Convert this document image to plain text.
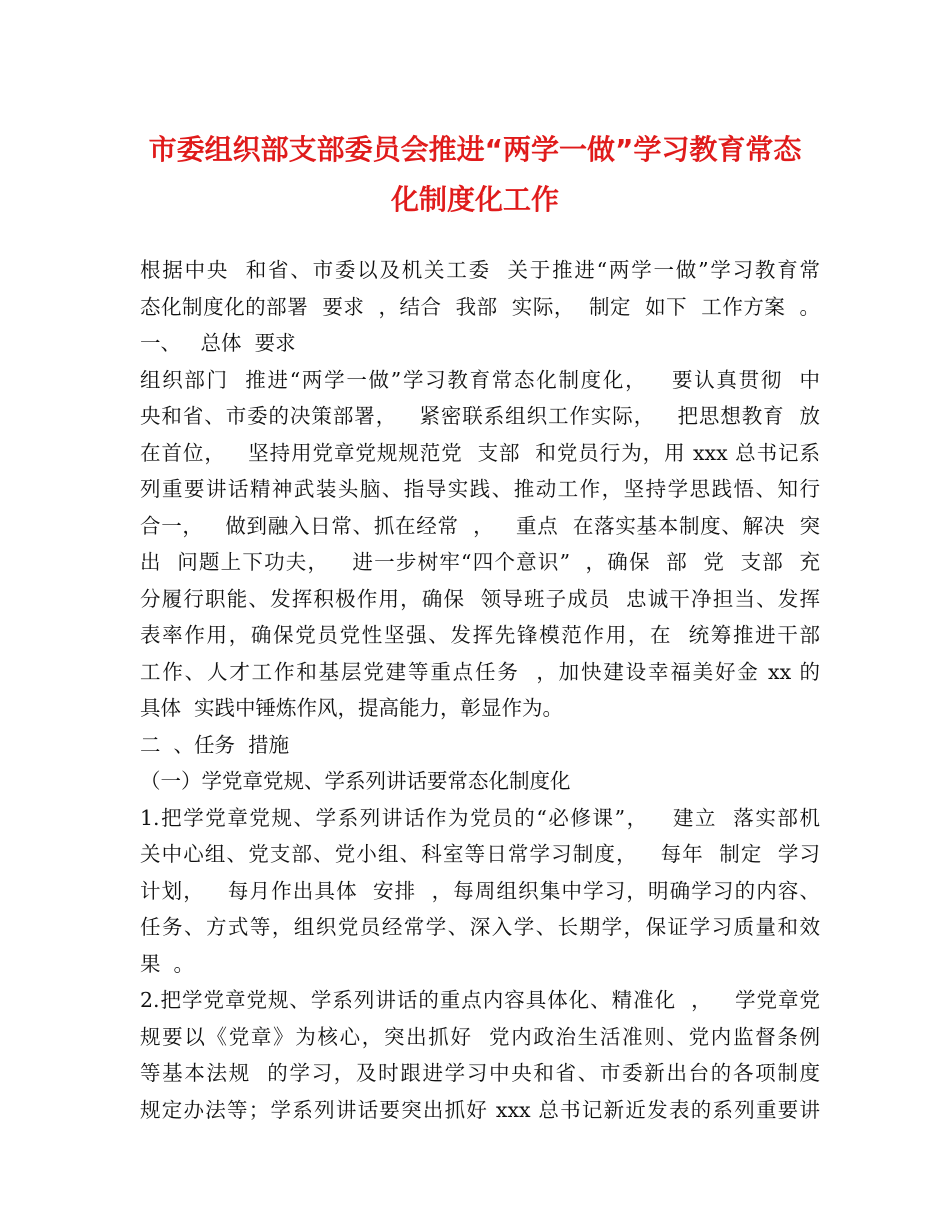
市委组织部支部委员会推进“两学一做”学习教育常态
化制度化工作
根据中央  和省、市委以及机关工委  关于推进“两学一做”学习教育常
态化制度化的部署  要求  ，结合  我部  实际，  制定  如下  工作方案  。
一、   总体  要求
组织部门  推进“两学一做”学习教育常态化制度化，   要认真贯彻  中
央和省、市委的决策部署，   紧密联系组织工作实际，   把思想教育  放
在首位，   坚持用党章党规规范党  支部  和党员行为，用 xxx 总书记系
列重要讲话精神武装头脑、指导实践、推动工作，坚持学思践悟、知行
合一，   做到融入日常、抓在经常  ，   重点  在落实基本制度、解决  突
出  问题上下功夫，   进一步树牢“四个意识”  ，确保  部  党  支部  充
分履行职能、发挥积极作用，确保  领导班子成员  忠诚干净担当、发挥
表率作用，确保党员党性坚强、发挥先锋模范作用，在  统筹推进干部
工作、人才工作和基层党建等重点任务  ，加快建设幸福美好金 xx 的
具体  实践中锤炼作风，提高能力，彰显作为。
二  、任务  措施
（一）学党章党规、学系列讲话要常态化制度化
1.把学党章党规、学系列讲话作为党员的“必修课”，   建立  落实部机
关中心组、党支部、党小组、科室等日常学习制度，   每年  制定  学习
计划，   每月作出具体  安排  ，每周组织集中学习，明确学习的内容、
任务、方式等，组织党员经常学、深入学、长期学，保证学习质量和效
果  。
2.把学党章党规、学系列讲话的重点内容具体化、精准化  ，   学党章党
规要以《党章》为核心，突出抓好  党内政治生活准则、党内监督条例
等基本法规  的学习，及时跟进学习中央和省、市委新出台的各项制度
规定办法等；学系列讲话要突出抓好 xxx 总书记新近发表的系列重要讲
